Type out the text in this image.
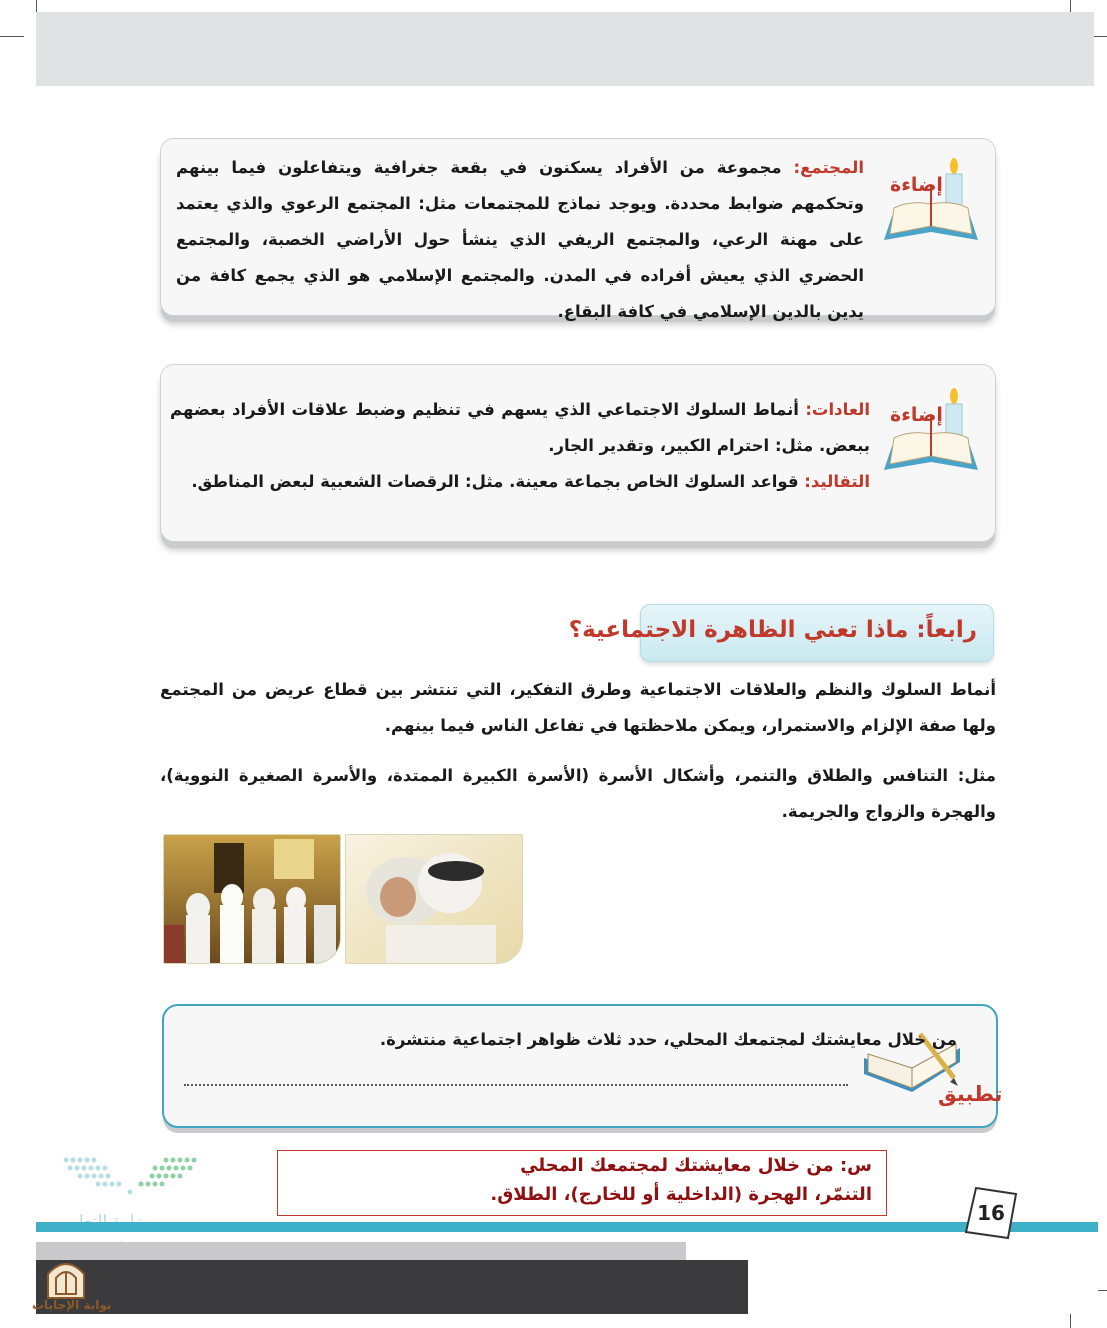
إضاءة
المجتمع: مجموعة من الأفراد يسكنون في بقعة جغرافية ويتفاعلون فيما بينهم وتحكمهم ضوابط محددة. ويوجد نماذج للمجتمعات مثل: المجتمع الرعوي والذي يعتمد على مهنة الرعي، والمجتمع الريفي الذي ينشأ حول الأراضي الخصبة، والمجتمع الحضري الذي يعيش أفراده في المدن. والمجتمع الإسلامي هو الذي يجمع كافة من يدين بالدين الإسلامي في كافة البقاع.
إضاءة
العادات: أنماط السلوك الاجتماعي الذي يسهم في تنظيم وضبط علاقات الأفراد بعضهم ببعض. مثل: احترام الكبير، وتقدير الجار.
التقاليد: قواعد السلوك الخاص بجماعة معينة. مثل: الرقصات الشعبية لبعض المناطق.
رابعاً: ماذا تعني الظاهرة الاجتماعية؟
أنماط السلوك والنظم والعلاقات الاجتماعية وطرق التفكير، التي تنتشر بين قطاع عريض من المجتمع ولها صفة الإلزام والاستمرار، ويمكن ملاحظتها في تفاعل الناس فيما بينهم.
مثل: التنافس والطلاق والتنمر، وأشكال الأسرة (الأسرة الكبيرة الممتدة، والأسرة الصغيرة النووية)، والهجرة والزواج والجريمة.
تطبيق
من خلال معايشتك لمجتمعك المحلي، حدد ثلاث ظواهر اجتماعية منتشرة.
س: من خلال معايشتك لمجتمعك المحلي
التنمّر، الهجرة (الداخلية أو للخارج)، الطلاق.
16
بوابة الإجابات
